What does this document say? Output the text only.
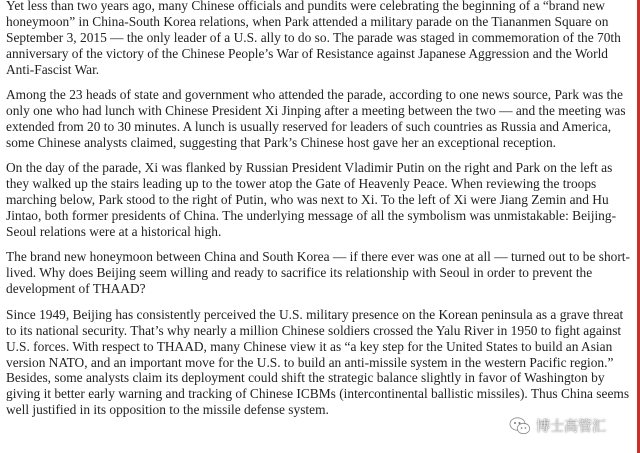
Yet less than two years ago, many Chinese officials and pundits were celebrating the beginning of a “brand new honeymoon” in China-South Korea relations, when Park attended a military parade on the Tiananmen Square on September 3, 2015 — the only leader of a U.S. ally to do so. The parade was staged in commemoration of the 70th anniversary of the victory of the Chinese People’s War of Resistance against Japanese Aggression and the World Anti-Fascist War.

Among the 23 heads of state and government who attended the parade, according to one news source, Park was the only one who had lunch with Chinese President Xi Jinping after a meeting between the two — and the meeting was extended from 20 to 30 minutes. A lunch is usually reserved for leaders of such countries as Russia and America, some Chinese analysts claimed, suggesting that Park’s Chinese host gave her an exceptional reception.

On the day of the parade, Xi was flanked by Russian President Vladimir Putin on the right and Park on the left as they walked up the stairs leading up to the tower atop the Gate of Heavenly Peace. When reviewing the troops marching below, Park stood to the right of Putin, who was next to Xi. To the left of Xi were Jiang Zemin and Hu Jintao, both former presidents of China. The underlying message of all the symbolism was unmistakable: Beijing-Seoul relations were at a historical high.

The brand new honeymoon between China and South Korea — if there ever was one at all — turned out to be short-lived. Why does Beijing seem willing and ready to sacrifice its relationship with Seoul in order to prevent the development of THAAD?

Since 1949, Beijing has consistently perceived the U.S. military presence on the Korean peninsula as a grave threat to its national security. That’s why nearly a million Chinese soldiers crossed the Yalu River in 1950 to fight against U.S. forces. With respect to THAAD, many Chinese view it as “a key step for the United States to build an Asian version NATO, and an important move for the U.S. to build an anti-missile system in the western Pacific region.” Besides, some analysts claim its deployment could shift the strategic balance slightly in favor of Washington by giving it better early warning and tracking of Chinese ICBMs (intercontinental ballistic missiles). Thus China seems well justified in its opposition to the missile defense system.

博士高管汇
